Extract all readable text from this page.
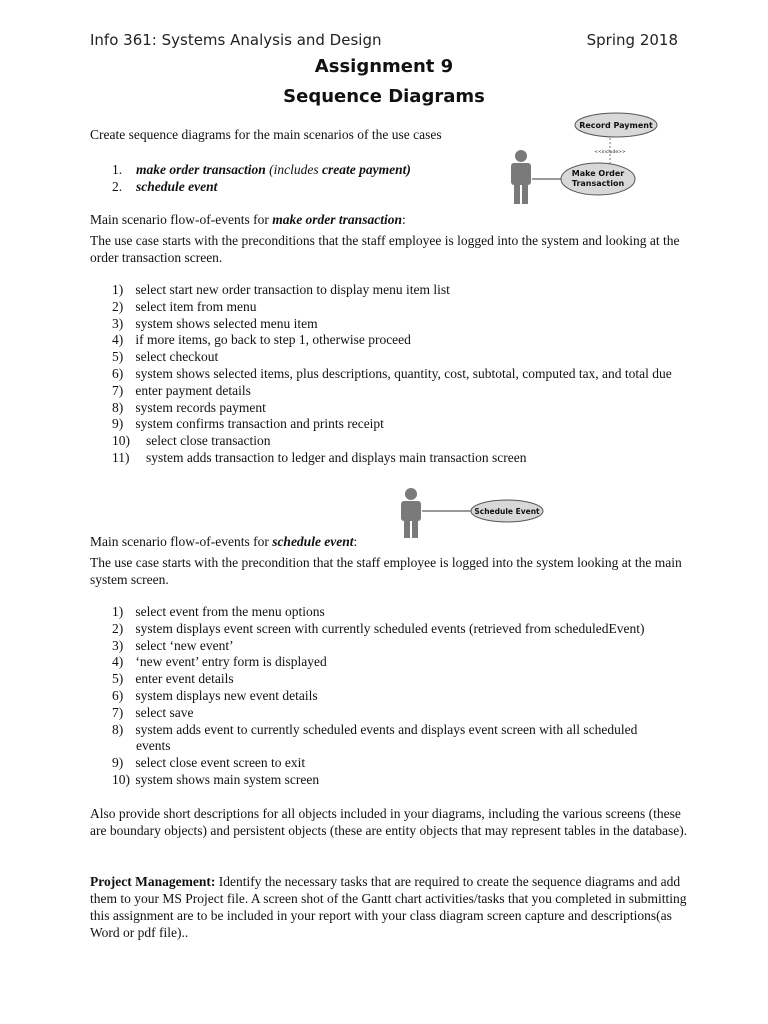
Info 361: Systems Analysis and Design	Spring 2018
Assignment 9
Sequence Diagrams
Create sequence diagrams for the main scenarios of the use cases
1. make order transaction (includes create payment)
2. schedule event
Record Payment
<<include>>
Make Order
Transaction
Main scenario flow-of-events for make order transaction:
The use case starts with the preconditions that the staff employee is logged into the system and looking at the order transaction screen.
1) select start new order transaction to display menu item list
2) select item from menu
3) system shows selected menu item
4) if more items, go back to step 1, otherwise proceed
5) select checkout
6) system shows selected items, plus descriptions, quantity, cost, subtotal, computed tax, and total due
7) enter payment details
8) system records payment
9) system confirms transaction and prints receipt
10) select close transaction
11) system adds transaction to ledger and displays main transaction screen
Schedule Event
Main scenario flow-of-events for schedule event:
The use case starts with the precondition that the staff employee is logged into the system looking at the main system screen.
1) select event from the menu options
2) system displays event screen with currently scheduled events (retrieved from scheduledEvent)
3) select ‘new event’
4) ‘new event’ entry form is displayed
5) enter event details
6) system displays new event details
7) select save
8) system adds event to currently scheduled events and displays event screen with all scheduled
events
9) select close event screen to exit
10) system shows main system screen
Also provide short descriptions for all objects included in your diagrams, including the various screens (these are boundary objects) and persistent objects (these are entity objects that may represent tables in the database).
Project Management: Identify the necessary tasks that are required to create the sequence diagrams and add them to your MS Project file. A screen shot of the Gantt chart activities/tasks that you completed in submitting this assignment are to be included in your report with your class diagram screen capture and descriptions(as Word or pdf file)..
